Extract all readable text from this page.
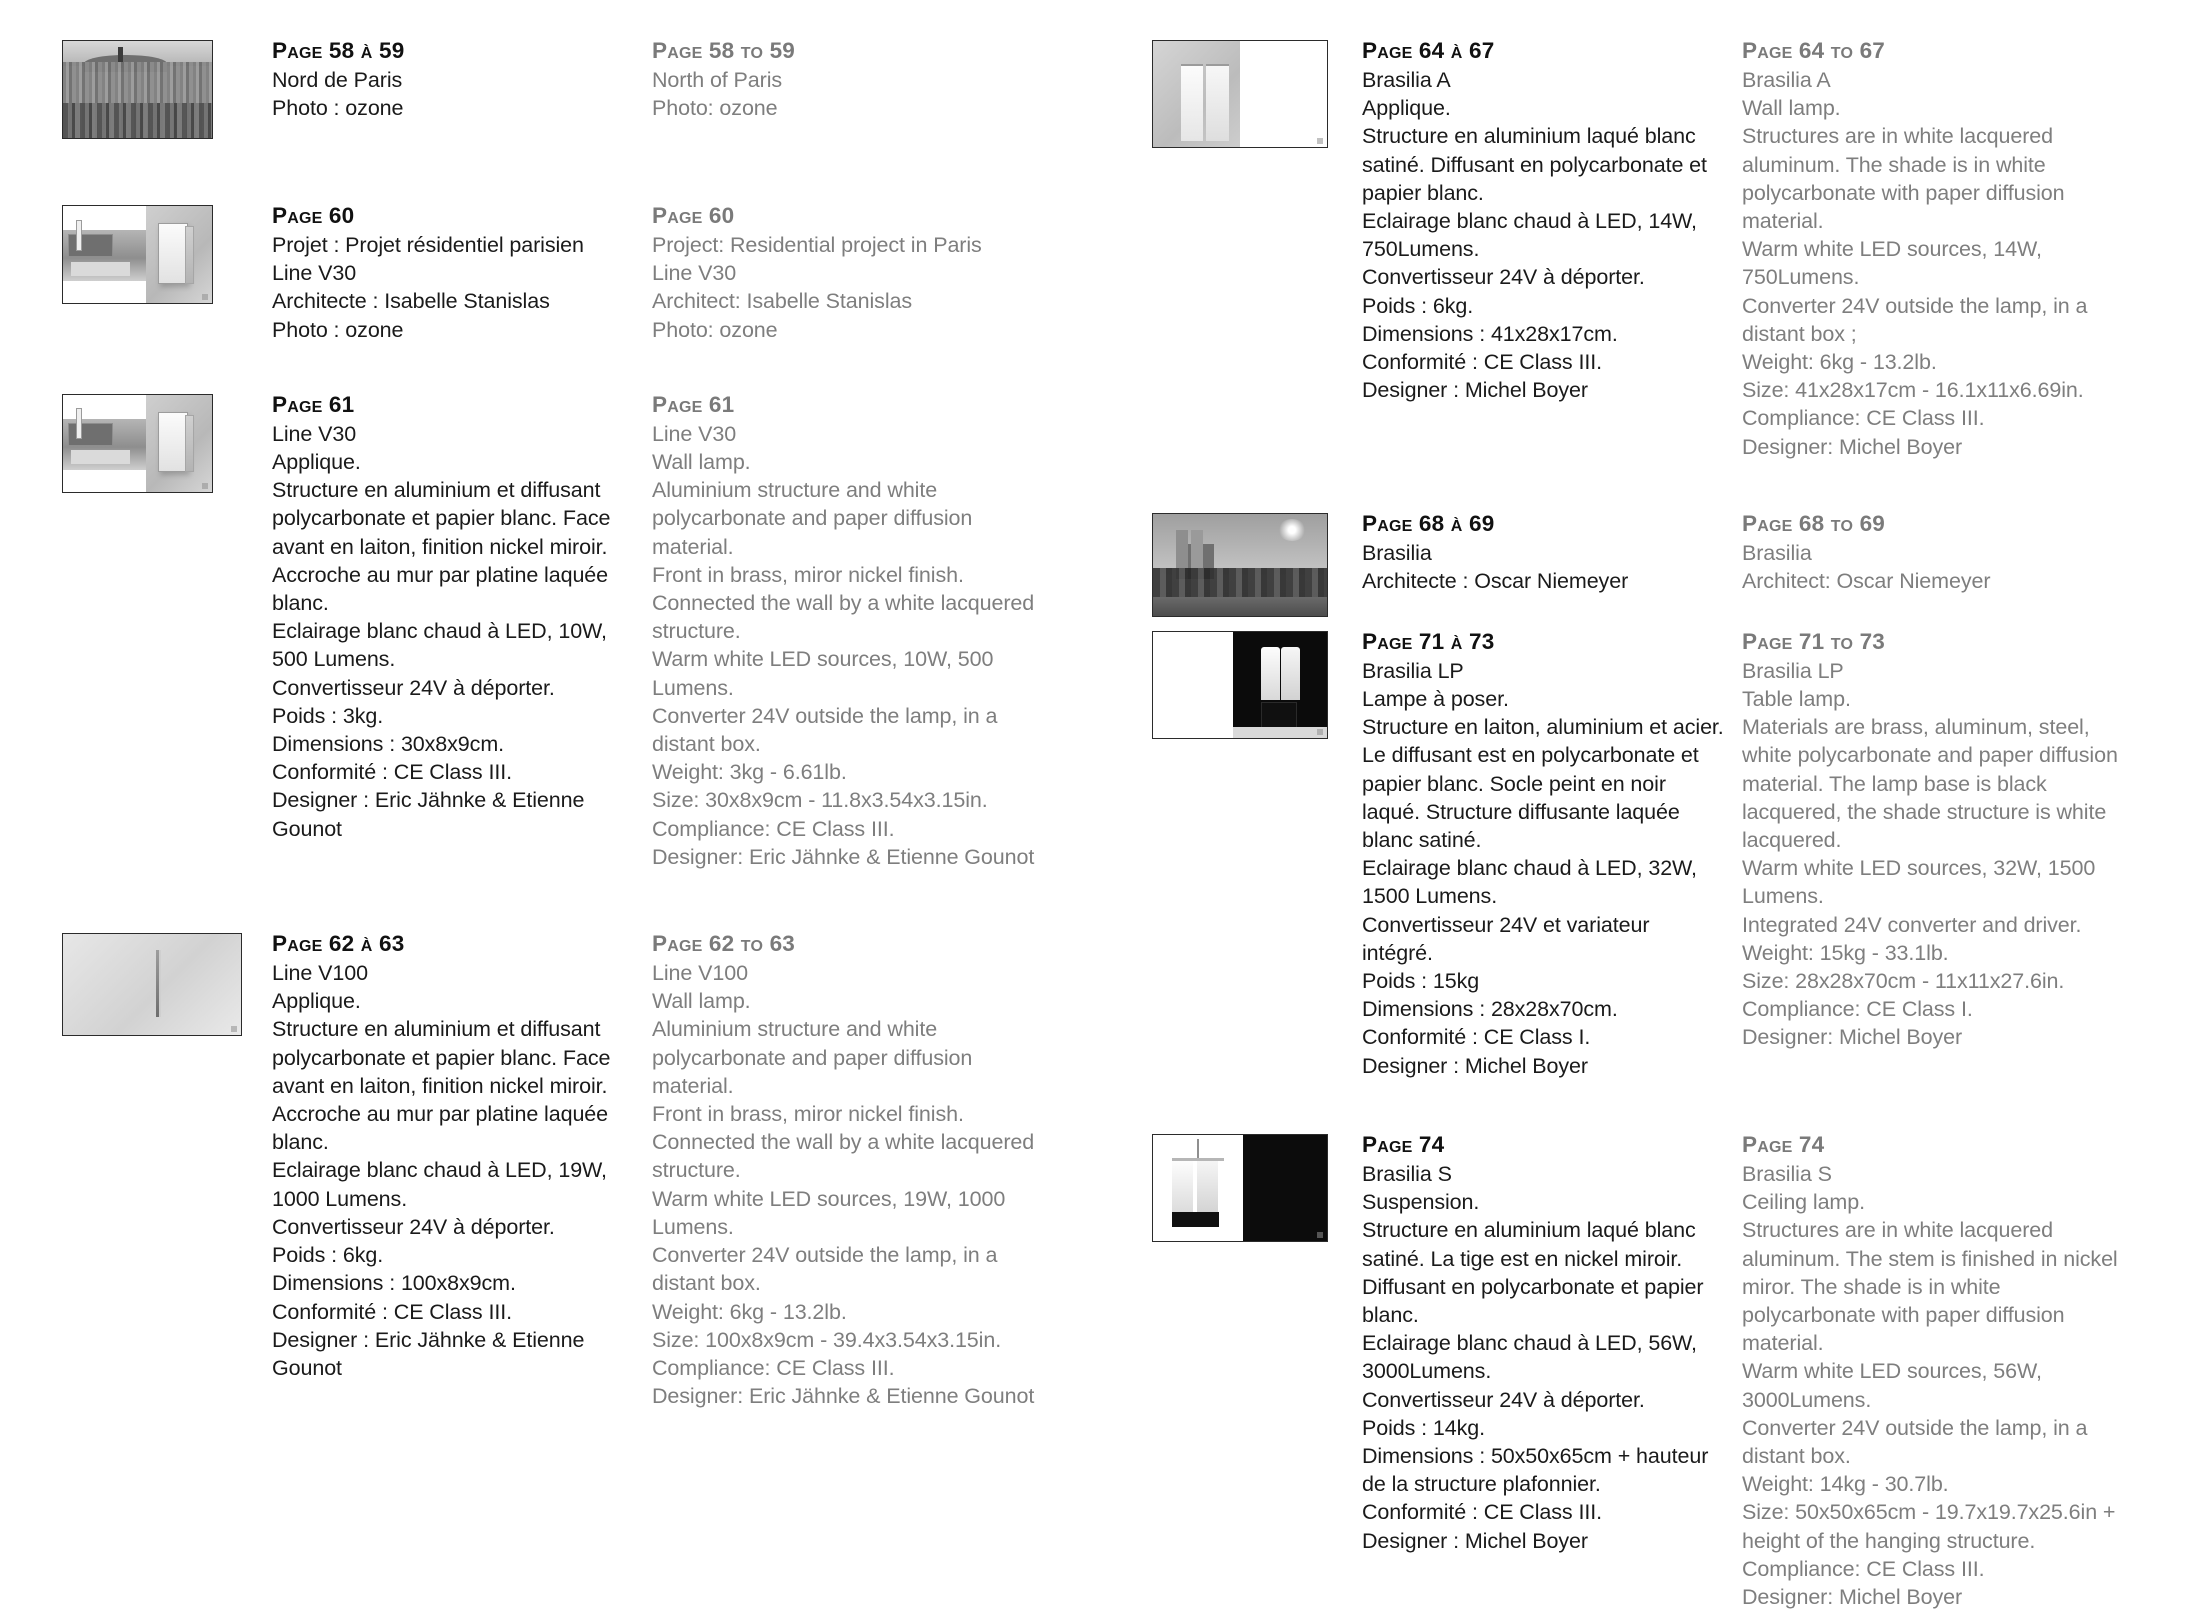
Page 58 à 59
Nord de Paris
Photo : ozone
Page 58 to 59
North of Paris
Photo: ozone
Page 60
Projet : Projet résidentiel parisien
Line V30
Architecte : Isabelle Stanislas
Photo : ozone
Page 60
Project: Residential project in Paris
Line V30
Architect: Isabelle Stanislas
Photo: ozone
Page 61
Line V30
Applique.
Structure en aluminium et diffusant polycarbonate et papier blanc. Face avant en laiton, finition nickel miroir. Accroche au mur par platine laquée blanc.
Eclairage blanc chaud à LED, 10W, 500 Lumens.
Convertisseur 24V à déporter.
Poids : 3kg.
Dimensions : 30x8x9cm.
Conformité : CE Class III.
Designer : Eric Jähnke & Etienne Gounot
Page 61
Line V30
Wall lamp.
Aluminium structure and white polycarbonate and paper diffusion material.
Front in brass, miror nickel finish.
Connected the wall by a white lacquered structure.
Warm white LED sources, 10W, 500 Lumens.
Converter 24V outside the lamp, in a distant box.
Weight: 3kg - 6.61lb.
Size: 30x8x9cm - 11.8x3.54x3.15in.
Compliance: CE Class III.
Designer: Eric Jähnke & Etienne Gounot
Page 62 à 63
Line V100
Applique.
Structure en aluminium et diffusant polycarbonate et papier blanc. Face avant en laiton, finition nickel miroir. Accroche au mur par platine laquée blanc.
Eclairage blanc chaud à LED, 19W, 1000 Lumens.
Convertisseur 24V à déporter.
Poids : 6kg.
Dimensions : 100x8x9cm.
Conformité : CE Class III.
Designer : Eric Jähnke & Etienne Gounot
Page 62 to 63
Line V100
Wall lamp.
Aluminium structure and white polycarbonate and paper diffusion material.
Front in brass, miror nickel finish.
Connected the wall by a white lacquered structure.
Warm white LED sources, 19W, 1000 Lumens.
Converter 24V outside the lamp, in a distant box.
Weight: 6kg - 13.2lb.
Size: 100x8x9cm - 39.4x3.54x3.15in.
Compliance: CE Class III.
Designer: Eric Jähnke & Etienne Gounot
Page 64 à 67
Brasilia A
Applique.
Structure en aluminium laqué blanc satiné. Diffusant en polycarbonate et papier blanc.
Eclairage blanc chaud à LED, 14W, 750Lumens.
Convertisseur 24V à déporter.
Poids : 6kg.
Dimensions : 41x28x17cm.
Conformité : CE Class III.
Designer : Michel Boyer
Page 64 to 67
Brasilia A
Wall lamp.
Structures are in white lacquered aluminum. The shade is in white polycarbonate with paper diffusion material.
Warm white LED sources, 14W, 750Lumens.
Converter 24V outside the lamp, in a distant box ;
Weight: 6kg - 13.2lb.
Size: 41x28x17cm - 16.1x11x6.69in.
Compliance: CE Class III.
Designer: Michel Boyer
Page 68 à 69
Brasilia
Architecte : Oscar Niemeyer
Page 68 to 69
Brasilia
Architect: Oscar Niemeyer
Page 71 à 73
Brasilia LP
Lampe à poser.
Structure en laiton, aluminium et acier. Le diffusant est en polycarbonate et papier blanc. Socle peint en noir laqué. Structure diffusante laquée blanc satiné.
Eclairage blanc chaud à LED, 32W, 1500 Lumens.
Convertisseur 24V et variateur intégré.
Poids : 15kg
Dimensions : 28x28x70cm.
Conformité : CE Class I.
Designer : Michel Boyer
Page 71 to 73
Brasilia LP
Table lamp.
Materials are brass, aluminum, steel, white polycarbonate and paper diffusion material. The lamp base is black lacquered, the shade structure is white lacquered.
Warm white LED sources, 32W, 1500 Lumens.
Integrated 24V converter and driver.
Weight: 15kg - 33.1lb.
Size: 28x28x70cm - 11x11x27.6in.
Compliance: CE Class I.
Designer: Michel Boyer
Page 74
Brasilia S
Suspension.
Structure en aluminium laqué blanc satiné. La tige est en nickel miroir. Diffusant en polycarbonate et papier blanc.
Eclairage blanc chaud à LED, 56W, 3000Lumens.
Convertisseur 24V à déporter.
Poids : 14kg.
Dimensions : 50x50x65cm + hauteur de la structure plafonnier.
Conformité : CE Class III.
Designer : Michel Boyer
Page 74
Brasilia S
Ceiling lamp.
Structures are in white lacquered aluminum. The stem is finished in nickel miror. The shade is in white polycarbonate with paper diffusion material.
Warm white LED sources, 56W, 3000Lumens.
Converter 24V outside the lamp, in a distant box.
Weight: 14kg - 30.7lb.
Size: 50x50x65cm - 19.7x19.7x25.6in + height of the hanging structure.
Compliance: CE Class III.
Designer: Michel Boyer
